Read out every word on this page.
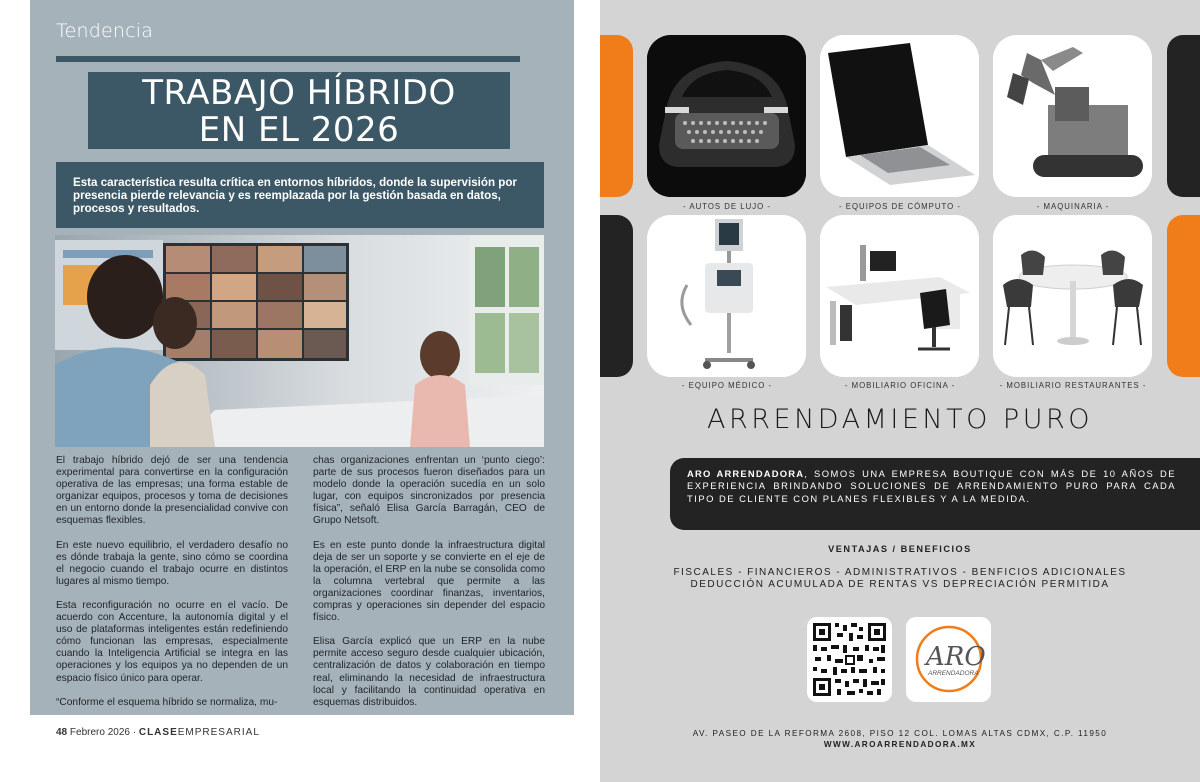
Tendencia
TRABAJO HÍBRIDO
EN EL 2026
Esta característica resulta crítica en entornos híbridos, donde la supervisión por presencia pierde relevancia y es reemplazada por la gestión basada en datos, procesos y resultados.

El trabajo híbrido dejó de ser una tendencia experimental para convertirse en la configuración operativa de las empresas; una forma estable de organizar equipos, procesos y toma de decisiones en un entorno donde la presencialidad convive con esquemas flexibles.

En este nuevo equilibrio, el verdadero desafío no es dónde trabaja la gente, sino cómo se coordina el negocio cuando el trabajo ocurre en distintos lugares al mismo tiempo.

Esta reconfiguración no ocurre en el vacío. De acuerdo con Accenture, la autonomía digital y el uso de plataformas inteligentes están redefiniendo cómo funcionan las empresas, especialmente cuando la Inteligencia Artificial se integra en las operaciones y los equipos ya no dependen de un espacio físico único para operar.

“Conforme el esquema híbrido se normaliza, mu-

chas organizaciones enfrentan un ‘punto ciego’: parte de sus procesos fueron diseñados para un modelo donde la operación sucedía en un solo lugar, con equipos sincronizados por presencia física”, señaló Elisa García Barragán, CEO de Grupo Netsoft.

Es en este punto donde la infraestructura digital deja de ser un soporte y se convierte en el eje de la operación, el ERP en la nube se consolida como la columna vertebral que permite a las organizaciones coordinar finanzas, inventarios, compras y operaciones sin depender del espacio físico.

Elisa García explicó que un ERP en la nube permite acceso seguro desde cualquier ubicación, centralización de datos y colaboración en tiempo real, eliminando la necesidad de infraestructura local y facilitando la continuidad operativa en esquemas distribuidos.

48 Febrero 2026 · CLASEEMPRESARIAL
- AUTOS DE LUJO -	- EQUIPOS DE CÓMPUTO -	- MAQUINARIA -
- EQUIPO MÉDICO -	- MOBILIARIO OFICINA -	- MOBILIARIO RESTAURANTES -
ARRENDAMIENTO PURO
ARO ARRENDADORA, SOMOS UNA EMPRESA BOUTIQUE CON MÁS DE 10 AÑOS DE EXPERIENCIA BRINDANDO SOLUCIONES DE ARRENDAMIENTO PURO PARA CADA TIPO DE CLIENTE CON PLANES FLEXIBLES Y A LA MEDIDA.
VENTAJAS / BENEFICIOS
FISCALES - FINANCIEROS - ADMINISTRATIVOS - BENFICIOS ADICIONALES
DEDUCCIÓN ACUMULADA DE RENTAS VS DEPRECIACIÓN PERMITIDA
ARO
ARRENDADORA
AV. PASEO DE LA REFORMA 2608, PISO 12 COL. LOMAS ALTAS CDMX, C.P. 11950
WWW.AROARRENDADORA.MX
